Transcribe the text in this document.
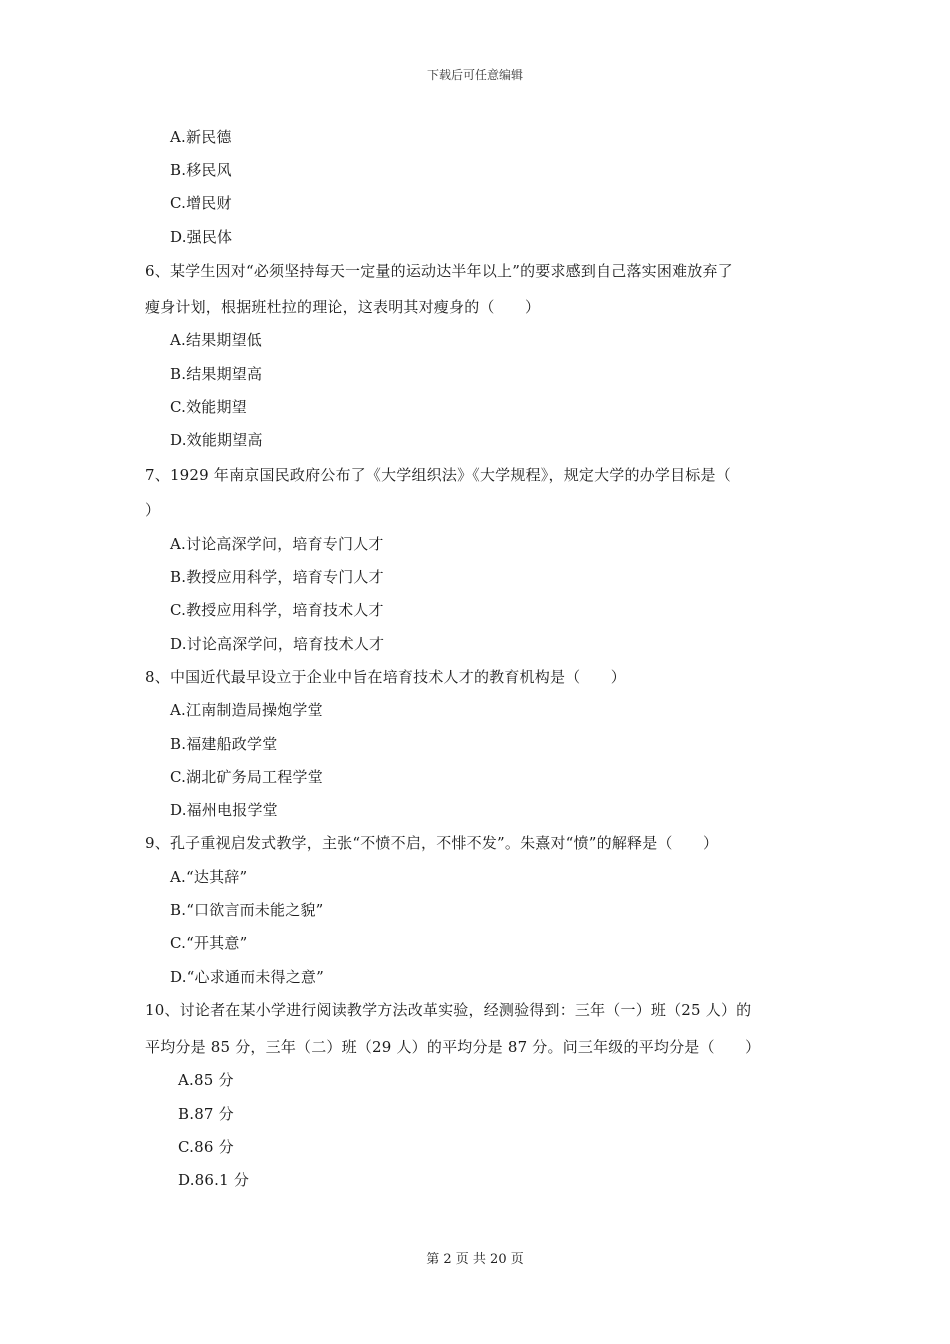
下载后可任意编辑
A.新民德
B.移民风
C.增民财
D.强民体
6、某学生因对“必须坚持每天一定量的运动达半年以上”的要求感到自己落实困难放弃了
瘦身计划，根据班杜拉的理论，这表明其对瘦身的（　　）
A.结果期望低
B.结果期望高
C.效能期望
D.效能期望高
7、1929 年南京国民政府公布了《大学组织法》《大学规程》，规定大学的办学目标是（
）
A.讨论高深学问，培育专门人才
B.教授应用科学，培育专门人才
C.教授应用科学，培育技术人才
D.讨论高深学问，培育技术人才
8、中国近代最早设立于企业中旨在培育技术人才的教育机构是（　　）
A.江南制造局操炮学堂
B.福建船政学堂
C.湖北矿务局工程学堂
D.福州电报学堂
9、孔子重视启发式教学，主张“不愤不启，不悱不发”。朱熹对“愤”的解释是（　　）
A.“达其辞”
B.“口欲言而未能之貌”
C.“开其意”
D.“心求通而未得之意”
10、讨论者在某小学进行阅读教学方法改革实验，经测验得到：三年（一）班（25 人）的
平均分是 85 分，三年（二）班（29 人）的平均分是 87 分。问三年级的平均分是（　　）
A.85 分
B.87 分
C.86 分
D.86.1 分
第 2 页 共 20 页
